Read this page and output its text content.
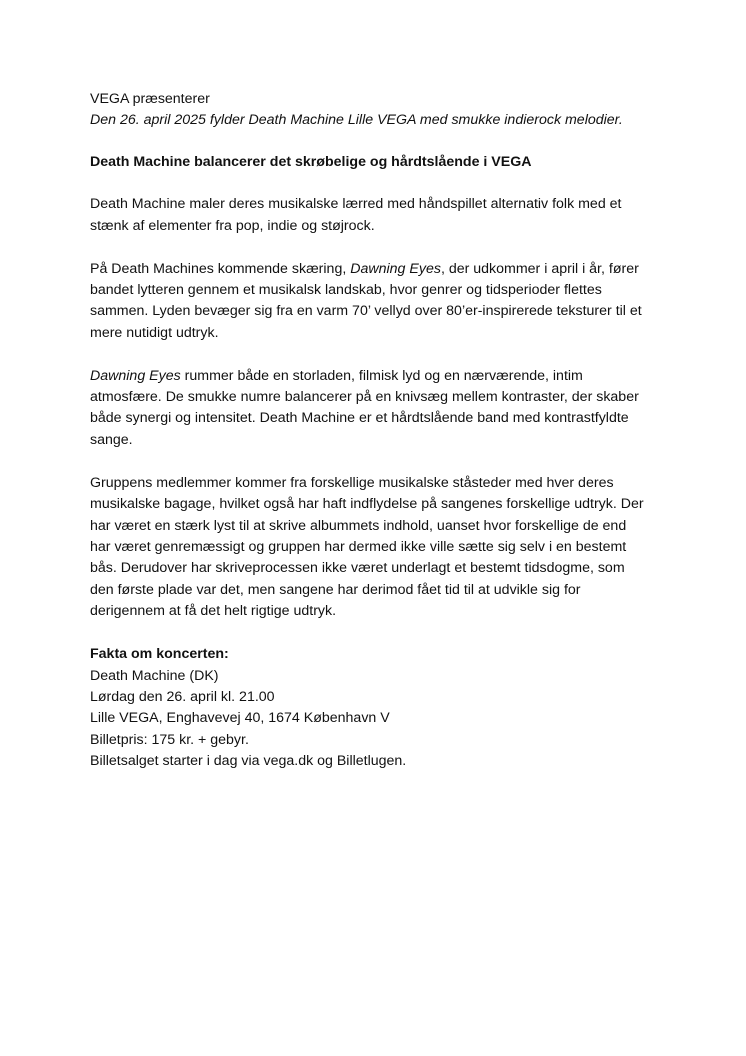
VEGA præsenterer
Den 26. april 2025 fylder Death Machine Lille VEGA med smukke indierock melodier.
Death Machine balancerer det skrøbelige og hårdtslående i VEGA
Death Machine maler deres musikalske lærred med håndspillet alternativ folk med et
stænk af elementer fra pop, indie og støjrock.
På Death Machines kommende skæring, Dawning Eyes, der udkommer i april i år, fører
bandet lytteren gennem et musikalsk landskab, hvor genrer og tidsperioder flettes
sammen. Lyden bevæger sig fra en varm 70’ vellyd over 80’er-inspirerede teksturer til et
mere nutidigt udtryk.
Dawning Eyes rummer både en storladen, filmisk lyd og en nærværende, intim
atmosfære. De smukke numre balancerer på en knivsæg mellem kontraster, der skaber
både synergi og intensitet. Death Machine er et hårdtslående band med kontrastfyldte
sange.
Gruppens medlemmer kommer fra forskellige musikalske ståsteder med hver deres
musikalske bagage, hvilket også har haft indflydelse på sangenes forskellige udtryk. Der
har været en stærk lyst til at skrive albummets indhold, uanset hvor forskellige de end
har været genremæssigt og gruppen har dermed ikke ville sætte sig selv i en bestemt
bås. Derudover har skriveprocessen ikke været underlagt et bestemt tidsdogme, som
den første plade var det, men sangene har derimod fået tid til at udvikle sig for
derigennem at få det helt rigtige udtryk.
Fakta om koncerten:
Death Machine (DK)
Lørdag den 26. april kl. 21.00
Lille VEGA, Enghavevej 40, 1674 København V
Billetpris: 175 kr. + gebyr.
Billetsalget starter i dag via vega.dk og Billetlugen.
